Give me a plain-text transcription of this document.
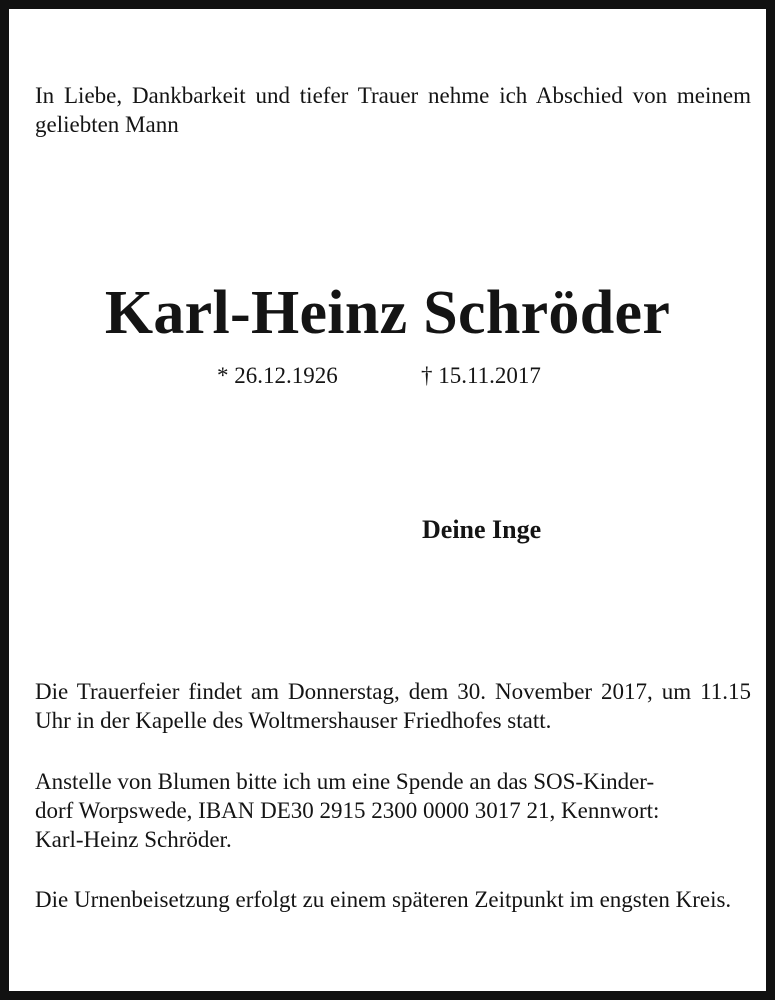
In Liebe, Dankbarkeit und tiefer Trauer nehme ich Abschied von meinem geliebten Mann

Karl-Heinz Schröder
* 26.12.1926	† 15.11.2017
Deine Inge

Die Trauerfeier findet am Donnerstag, dem 30. November 2017, um 11.15 Uhr in der Kapelle des Woltmershauser Friedhofes statt.

Anstelle von Blumen bitte ich um eine Spende an das SOS-Kinder-
dorf Worpswede, IBAN DE30 2915 2300 0000 3017 21, Kennwort:
Karl-Heinz Schröder.

Die Urnenbeisetzung erfolgt zu einem späteren Zeitpunkt im engsten Kreis.
